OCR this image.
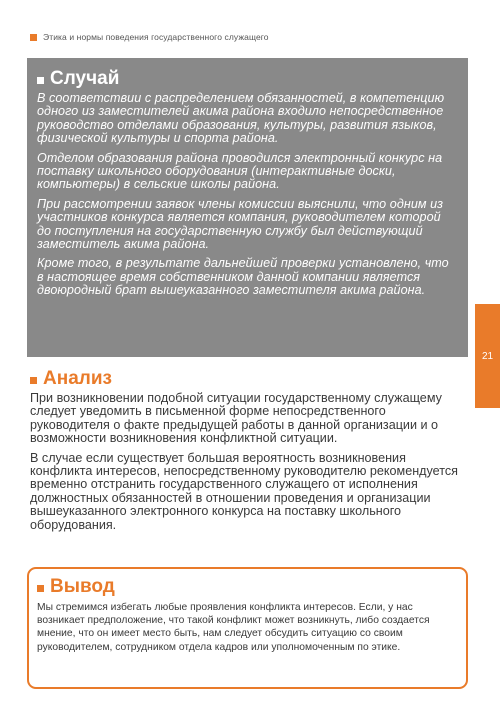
Этика и нормы поведения государственного служащего
Случай

В соответствии с распределением обязанностей, в компетенцию одного из заместителей акима района входило непосредственное руководство отделами образования, культуры, развития языков, физической культуры и спорта района.

Отделом образования района проводился электронный конкурс на поставку школьного оборудования (интерактивные доски, компьютеры) в сельские школы района.

При рассмотрении заявок члены комиссии выяснили, что одним из участников конкурса является компания, руководителем которой до поступления на государственную службу был действующий заместитель акима района.

Кроме того, в результате дальнейшей проверки установлено, что в настоящее время собственником данной компании является двоюродный брат вышеуказанного заместителя акима района.

21
Анализ

При возникновении подобной ситуации государственному служащему следует уведомить в письменной форме непосредственного руководителя о факте предыдущей работы в данной организации и о возможности возникновения конфликтной ситуации.

В случае если существует большая вероятность возникновения конфликта интересов, непосредственному руководителю рекомендуется временно отстранить государственного служащего от исполнения должностных обязанностей в отношении проведения и организации вышеуказанного электронного конкурса на поставку школьного оборудования.

Вывод

Мы стремимся избегать любые проявления конфликта интересов. Если, у нас возникает предположение, что такой конфликт может возникнуть, либо создается мнение, что он имеет место быть, нам следует обсудить ситуацию со своим руководителем, сотрудником отдела кадров или уполномоченным по этике.
